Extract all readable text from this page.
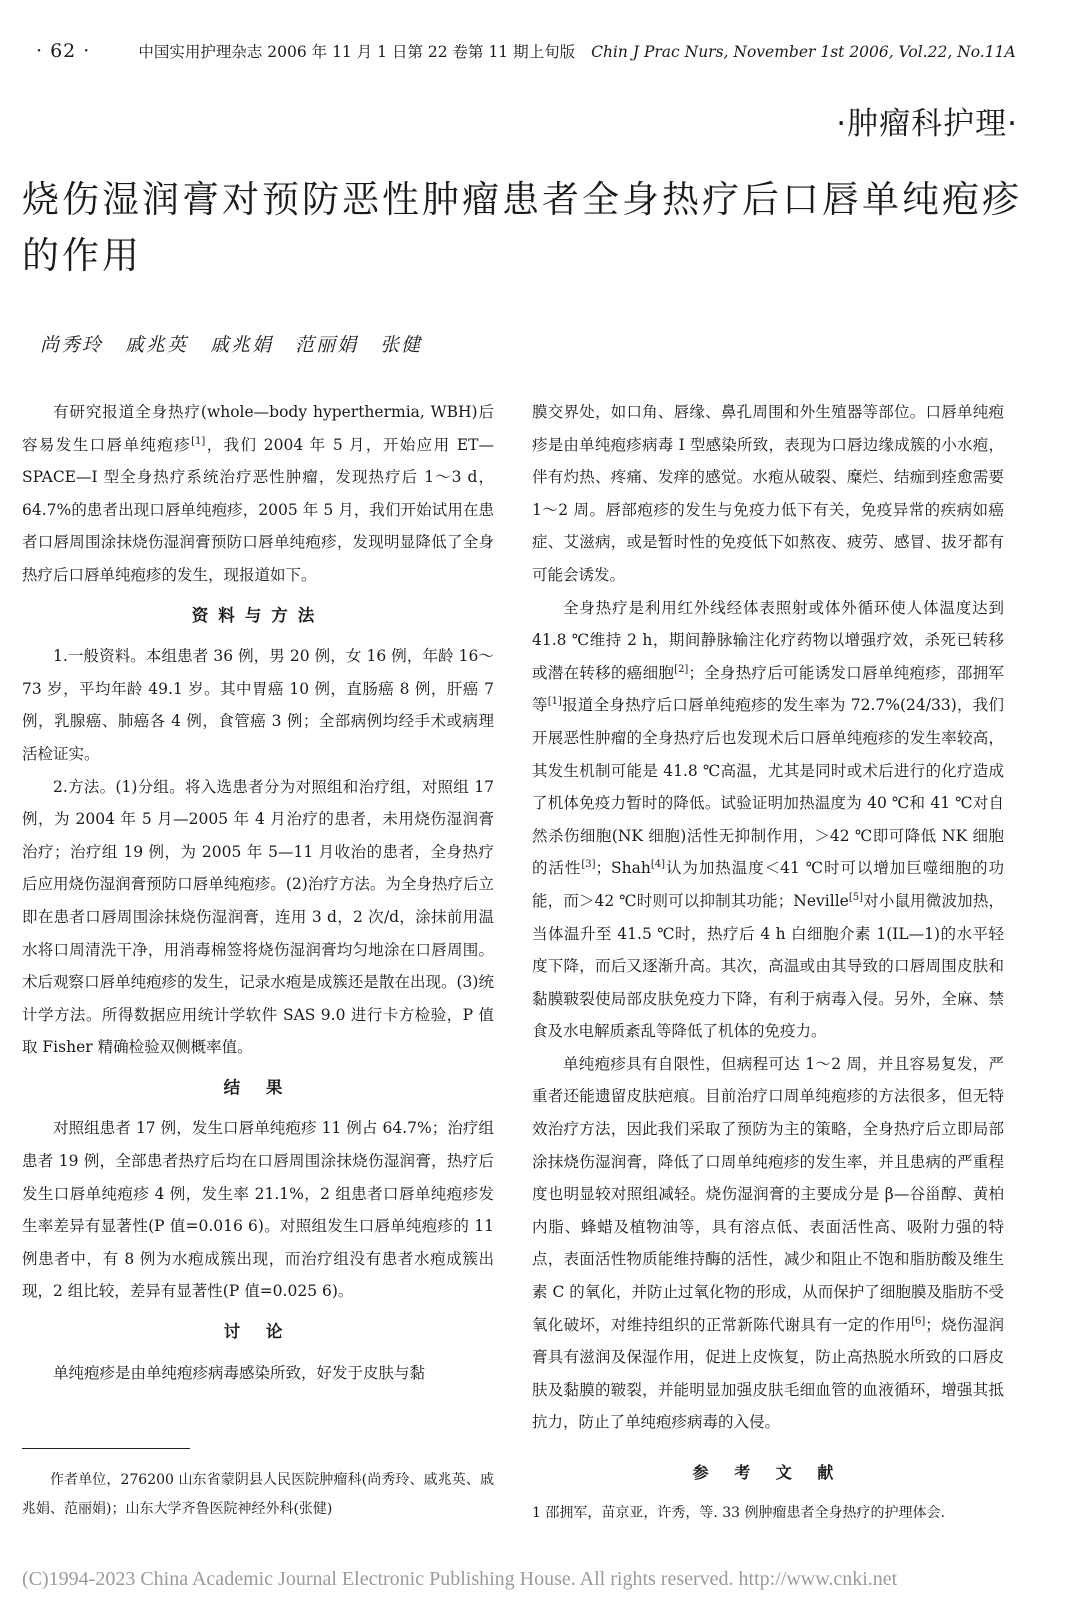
· 62 ·	中国实用护理杂志 2006 年 11 月 1 日第 22 卷第 11 期上旬版 Chin J Prac Nurs, November 1st 2006, Vol.22, No.11A
·肿瘤科护理·
烧伤湿润膏对预防恶性肿瘤患者全身热疗后口唇单纯疱疹的作用
尚秀玲 戚兆英 戚兆娟 范丽娟 张健

有研究报道全身热疗(whole—body hyperthermia, WBH)后容易发生口唇单纯疱疹[1]，我们 2004 年 5 月，开始应用 ET—SPACE—I 型全身热疗系统治疗恶性肿瘤，发现热疗后 1～3 d，64.7%的患者出现口唇单纯疱疹，2005 年 5 月，我们开始试用在患者口唇周围涂抹烧伤湿润膏预防口唇单纯疱疹，发现明显降低了全身热疗后口唇单纯疱疹的发生，现报道如下。

资料与方法

1.一般资料。本组患者 36 例，男 20 例，女 16 例，年龄 16～73 岁，平均年龄 49.1 岁。其中胃癌 10 例，直肠癌 8 例，肝癌 7 例，乳腺癌、肺癌各 4 例，食管癌 3 例；全部病例均经手术或病理活检证实。

2.方法。(1)分组。将入选患者分为对照组和治疗组，对照组 17 例，为 2004 年 5 月—2005 年 4 月治疗的患者，未用烧伤湿润膏治疗；治疗组 19 例，为 2005 年 5—11 月收治的患者，全身热疗后应用烧伤湿润膏预防口唇单纯疱疹。(2)治疗方法。为全身热疗后立即在患者口唇周围涂抹烧伤湿润膏，连用 3 d，2 次/d，涂抹前用温水将口周清洗干净，用消毒棉签将烧伤湿润膏均匀地涂在口唇周围。术后观察口唇单纯疱疹的发生，记录水疱是成簇还是散在出现。(3)统计学方法。所得数据应用统计学软件 SAS 9.0 进行卡方检验，P 值取 Fisher 精确检验双侧概率值。

结 果

对照组患者 17 例，发生口唇单纯疱疹 11 例占 64.7%；治疗组患者 19 例，全部患者热疗后均在口唇周围涂抹烧伤湿润膏，热疗后发生口唇单纯疱疹 4 例，发生率 21.1%，2 组患者口唇单纯疱疹发生率差异有显著性(P 值=0.016 6)。对照组发生口唇单纯疱疹的 11 例患者中，有 8 例为水疱成簇出现，而治疗组没有患者水疱成簇出现，2 组比较，差异有显著性(P 值=0.025 6)。

讨 论

单纯疱疹是由单纯疱疹病毒感染所致，好发于皮肤与黏

作者单位，276200 山东省蒙阴县人民医院肿瘤科(尚秀玲、戚兆英、戚兆娟、范丽娟)；山东大学齐鲁医院神经外科(张健)

膜交界处，如口角、唇缘、鼻孔周围和外生殖器等部位。口唇单纯疱疹是由单纯疱疹病毒 I 型感染所致，表现为口唇边缘成簇的小水疱，伴有灼热、疼痛、发痒的感觉。水疱从破裂、糜烂、结痂到痊愈需要 1～2 周。唇部疱疹的发生与免疫力低下有关，免疫异常的疾病如癌症、艾滋病，或是暂时性的免疫低下如熬夜、疲劳、感冒、拔牙都有可能会诱发。

全身热疗是利用红外线经体表照射或体外循环使人体温度达到 41.8 ℃维持 2 h，期间静脉输注化疗药物以增强疗效，杀死已转移或潜在转移的癌细胞[2]；全身热疗后可能诱发口唇单纯疱疹，邵拥军等[1]报道全身热疗后口唇单纯疱疹的发生率为 72.7%(24/33)，我们开展恶性肿瘤的全身热疗后也发现术后口唇单纯疱疹的发生率较高，其发生机制可能是 41.8 ℃高温，尤其是同时或术后进行的化疗造成了机体免疫力暂时的降低。试验证明加热温度为 40 ℃和 41 ℃对自然杀伤细胞(NK 细胞)活性无抑制作用，＞42 ℃即可降低 NK 细胞的活性[3]；Shah[4]认为加热温度＜41 ℃时可以增加巨噬细胞的功能，而＞42 ℃时则可以抑制其功能；Neville[5]对小鼠用微波加热，当体温升至 41.5 ℃时，热疗后 4 h 白细胞介素 1(IL—1)的水平轻度下降，而后又逐渐升高。其次，高温或由其导致的口唇周围皮肤和黏膜皲裂使局部皮肤免疫力下降，有利于病毒入侵。另外，全麻、禁食及水电解质紊乱等降低了机体的免疫力。

单纯疱疹具有自限性，但病程可达 1～2 周，并且容易复发，严重者还能遗留皮肤疤痕。目前治疗口周单纯疱疹的方法很多，但无特效治疗方法，因此我们采取了预防为主的策略，全身热疗后立即局部涂抹烧伤湿润膏，降低了口周单纯疱疹的发生率，并且患病的严重程度也明显较对照组减轻。烧伤湿润膏的主要成分是 β—谷甾醇、黄柏内脂、蜂蜡及植物油等，具有溶点低、表面活性高、吸附力强的特点，表面活性物质能维持酶的活性，减少和阻止不饱和脂肪酸及维生素 C 的氧化，并防止过氧化物的形成，从而保护了细胞膜及脂肪不受氧化破坏，对维持组织的正常新陈代谢具有一定的作用[6]；烧伤湿润膏具有滋润及保湿作用，促进上皮恢复，防止高热脱水所致的口唇皮肤及黏膜的皲裂，并能明显加强皮肤毛细血管的血液循环，增强其抵抗力，防止了单纯疱疹病毒的入侵。

参 考 文 献
1 邵拥军，苗京亚，许秀，等. 33 例肿瘤患者全身热疗的护理体会.
(C)1994-2023 China Academic Journal Electronic Publishing House. All rights reserved. http://www.cnki.net
